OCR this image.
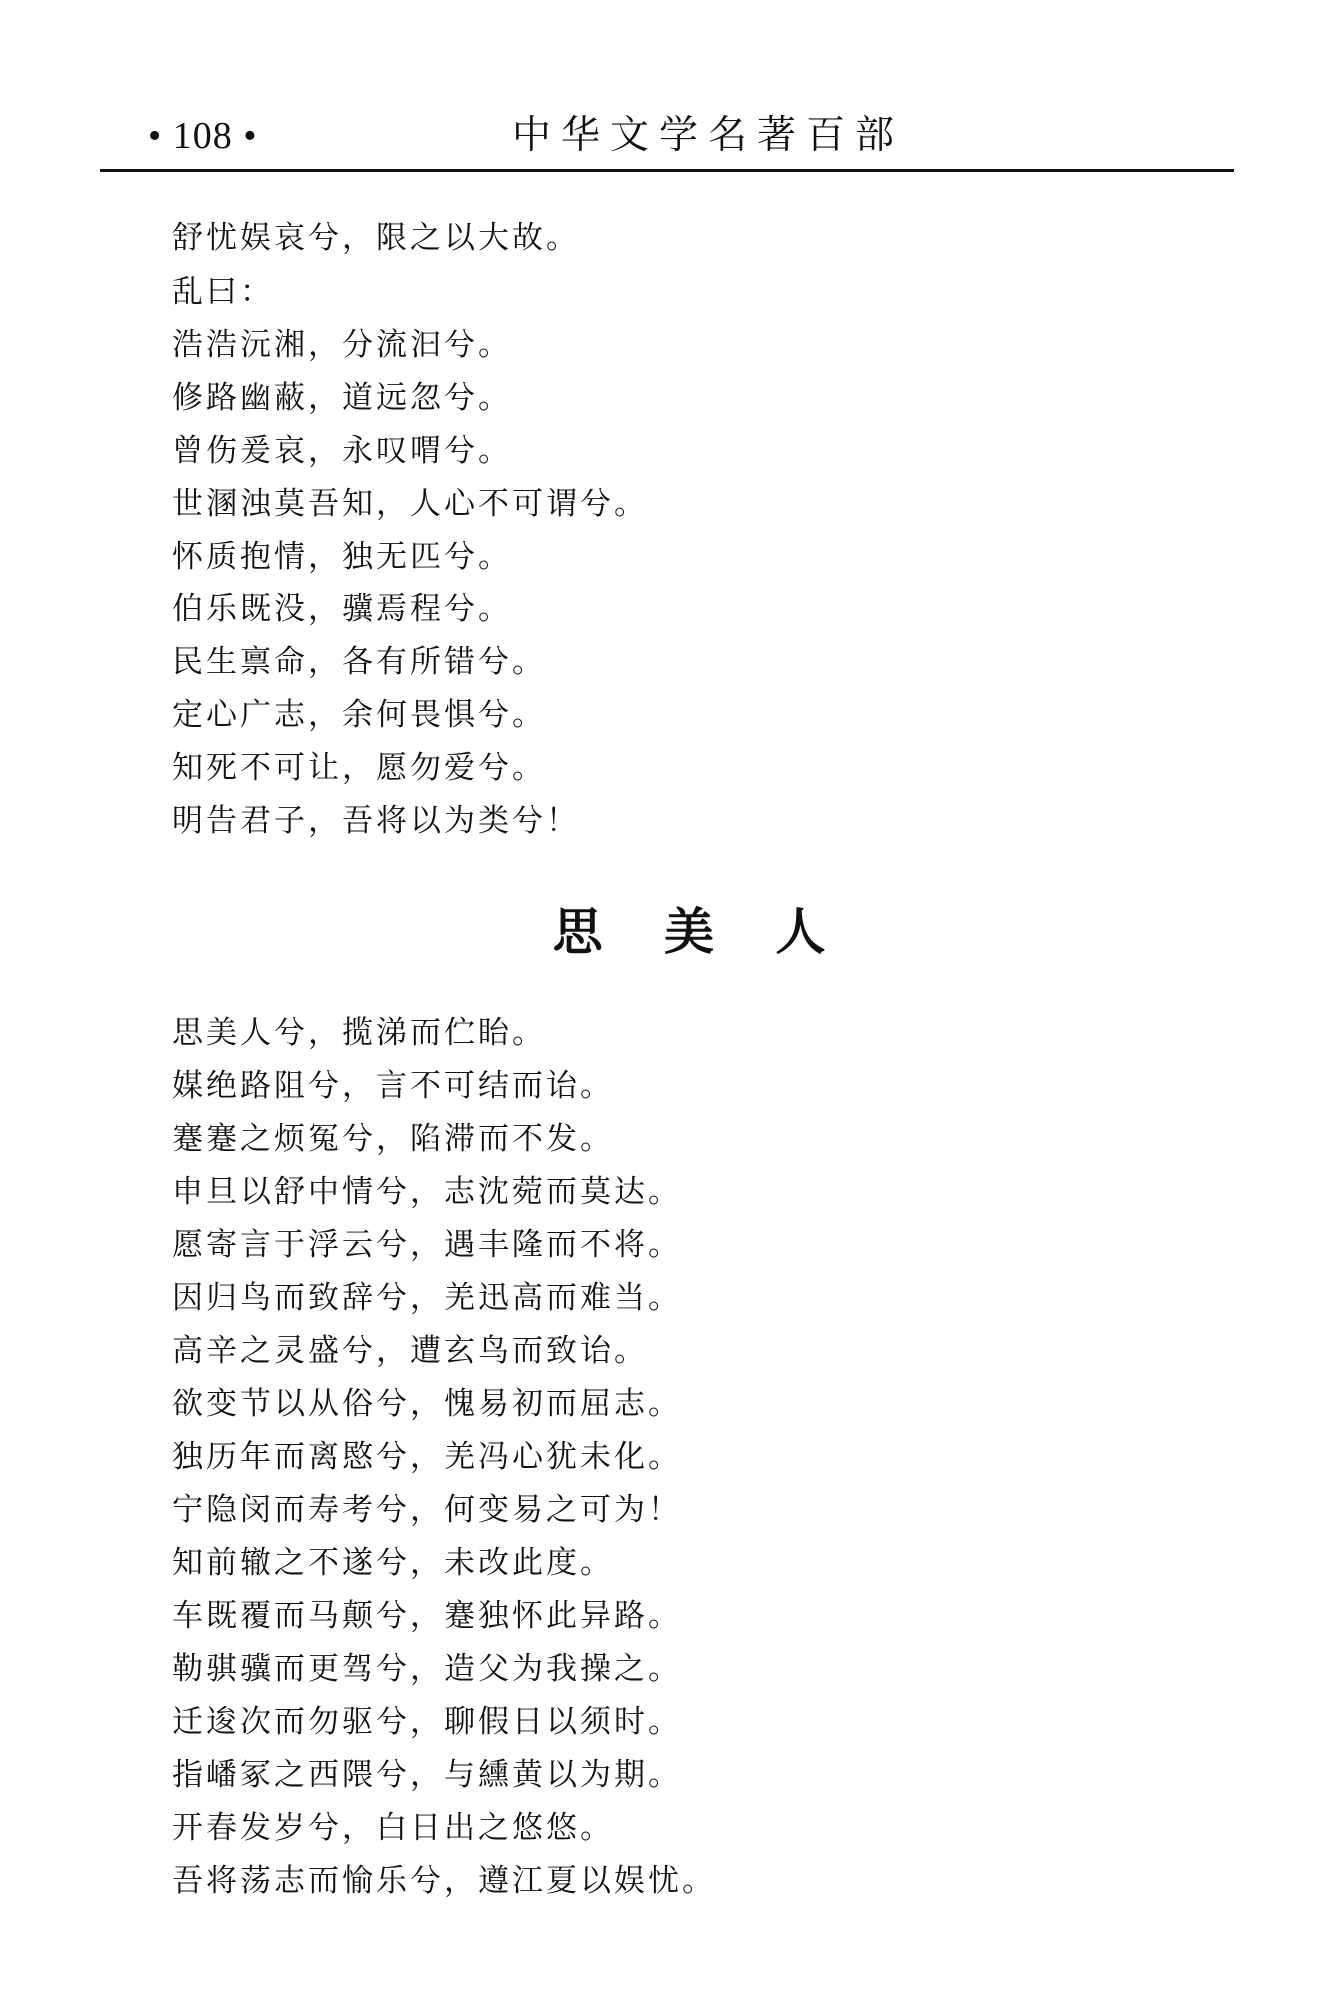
• 108 •	中华文学名著百部
舒忧娱哀兮，限之以大故。
乱曰：
浩浩沅湘，分流汩兮。
修路幽蔽，道远忽兮。
曾伤爰哀，永叹喟兮。
世溷浊莫吾知，人心不可谓兮。
怀质抱情，独无匹兮。
伯乐既没，骥焉程兮。
民生禀命，各有所错兮。
定心广志，余何畏惧兮。
知死不可让，愿勿爱兮。
明告君子，吾将以为类兮！
思 美 人
思美人兮，揽涕而伫眙。
媒绝路阻兮，言不可结而诒。
蹇蹇之烦冤兮，陷滞而不发。
申旦以舒中情兮，志沈菀而莫达。
愿寄言于浮云兮，遇丰隆而不将。
因归鸟而致辞兮，羌迅高而难当。
高辛之灵盛兮，遭玄鸟而致诒。
欲变节以从俗兮，愧易初而屈志。
独历年而离愍兮，羌冯心犹未化。
宁隐闵而寿考兮，何变易之可为！
知前辙之不遂兮，未改此度。
车既覆而马颠兮，蹇独怀此异路。
勒骐骥而更驾兮，造父为我操之。
迁逡次而勿驱兮，聊假日以须时。
指嶓冢之西隈兮，与纁黄以为期。
开春发岁兮，白日出之悠悠。
吾将荡志而愉乐兮，遵江夏以娱忧。
